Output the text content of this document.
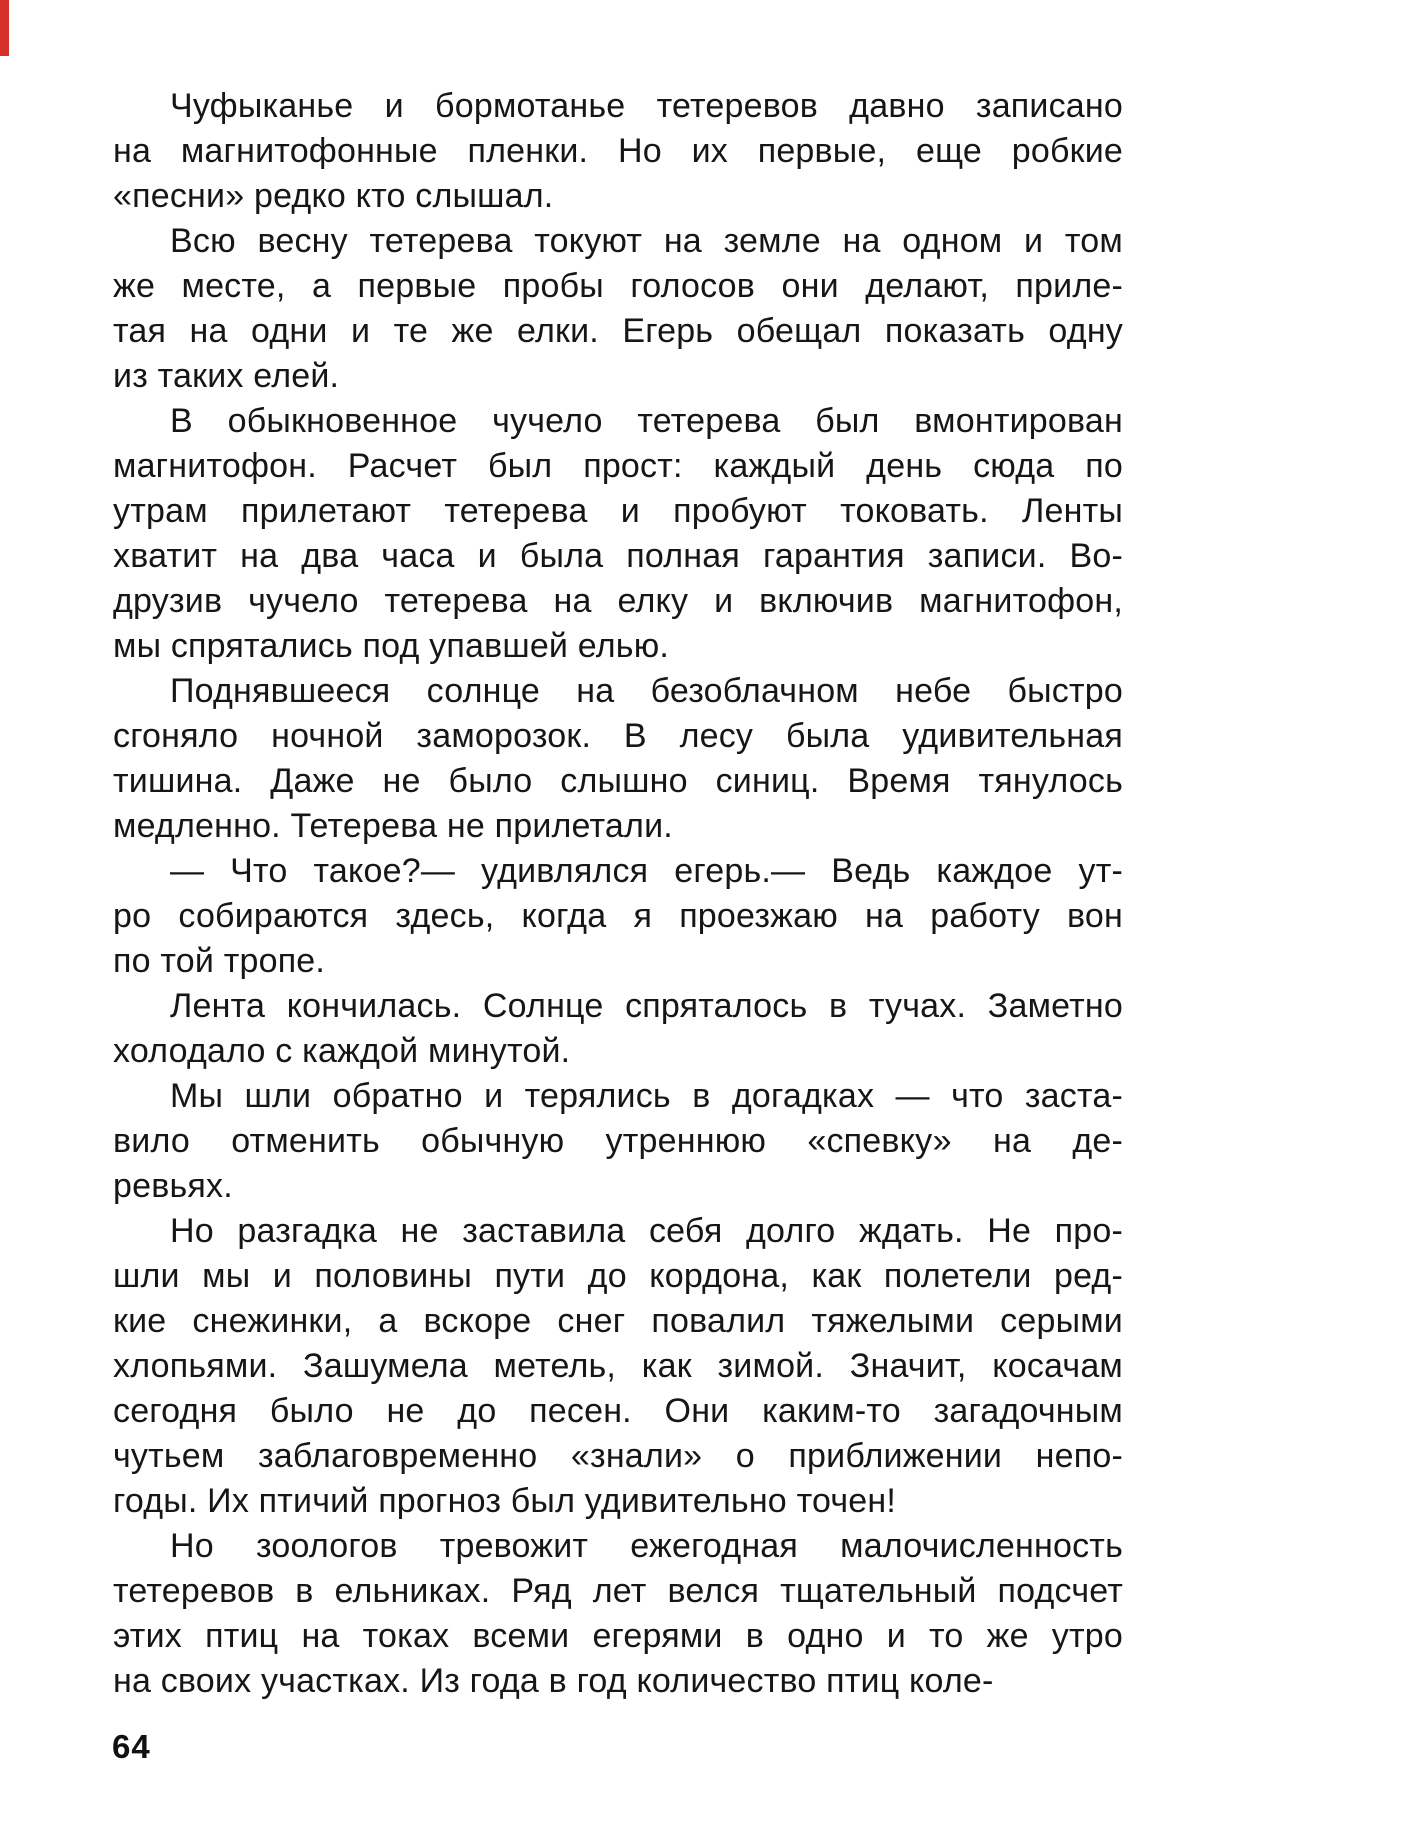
Чуфыканье и бормотанье тетеревов давно записано
на магнитофонные пленки. Но их первые, еще робкие
«песни» редко кто слышал.
Всю весну тетерева токуют на земле на одном и том
же месте, а первые пробы голосов они делают, приле-
тая на одни и те же елки. Егерь обещал показать одну
из таких елей.
В обыкновенное чучело тетерева был вмонтирован
магнитофон. Расчет был прост: каждый день сюда по
утрам прилетают тетерева и пробуют токовать. Ленты
хватит на два часа и была полная гарантия записи. Во-
друзив чучело тетерева на елку и включив магнитофон,
мы спрятались под упавшей елью.
Поднявшееся солнце на безоблачном небе быстро
сгоняло ночной заморозок. В лесу была удивительная
тишина. Даже не было слышно синиц. Время тянулось
медленно. Тетерева не прилетали.
— Что такое?— удивлялся егерь.— Ведь каждое ут-
ро собираются здесь, когда я проезжаю на работу вон
по той тропе.
Лента кончилась. Солнце спряталось в тучах. Заметно
холодало с каждой минутой.
Мы шли обратно и терялись в догадках — что заста-
вило отменить обычную утреннюю «спевку» на де-
ревьях.
Но разгадка не заставила себя долго ждать. Не про-
шли мы и половины пути до кордона, как полетели ред-
кие снежинки, а вскоре снег повалил тяжелыми серыми
хлопьями. Зашумела метель, как зимой. Значит, косачам
сегодня было не до песен. Они каким-то загадочным
чутьем заблаговременно «знали» о приближении непо-
годы. Их птичий прогноз был удивительно точен!
Но зоологов тревожит ежегодная малочисленность
тетеревов в ельниках. Ряд лет велся тщательный подсчет
этих птиц на токах всеми егерями в одно и то же утро
на своих участках. Из года в год количество птиц коле-
64
